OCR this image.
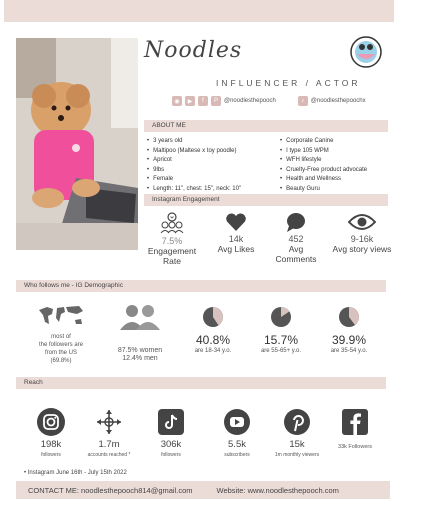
Noodles
INFLUENCER / ACTOR
◉	▶	f	P	@noodlesthepooch	♪	@noodlesthepoochx
ABOUT ME
• 3 years old
• Maltipoo (Maltese x toy poodle)
• Apricot
• 9lbs
• Female
• Length: 11", chest: 15", neck: 10"
• Corporate Canine
• I type 105 WPM
• WFH lifestyle
• Cruelty-Free product advocate
• Health and Wellness
• Beauty Guru
Instagram Engagement
7.5%
Engagement Rate
14k
Avg Likes
452
Avg Comments
9-16k
Avg story views
Who follows me - IG Demographic
most of
the followers are
from the US
(69.8%)
87.5% women
12.4% men
40.8%
are 18-34 y.o.
15.7%
are 55-65+ y.o.
39.9%
are 35-54 y.o.
Reach
198k
followers
1.7m
accounts reached *
306k
followers
5.5k
subscribers
15k
1m monthly viewers
33k Followers
• Instagram June 16th - July 15th 2022
CONTACT ME: noodlesthepooch814@gmail.com	Website: www.noodlesthepooch.com
